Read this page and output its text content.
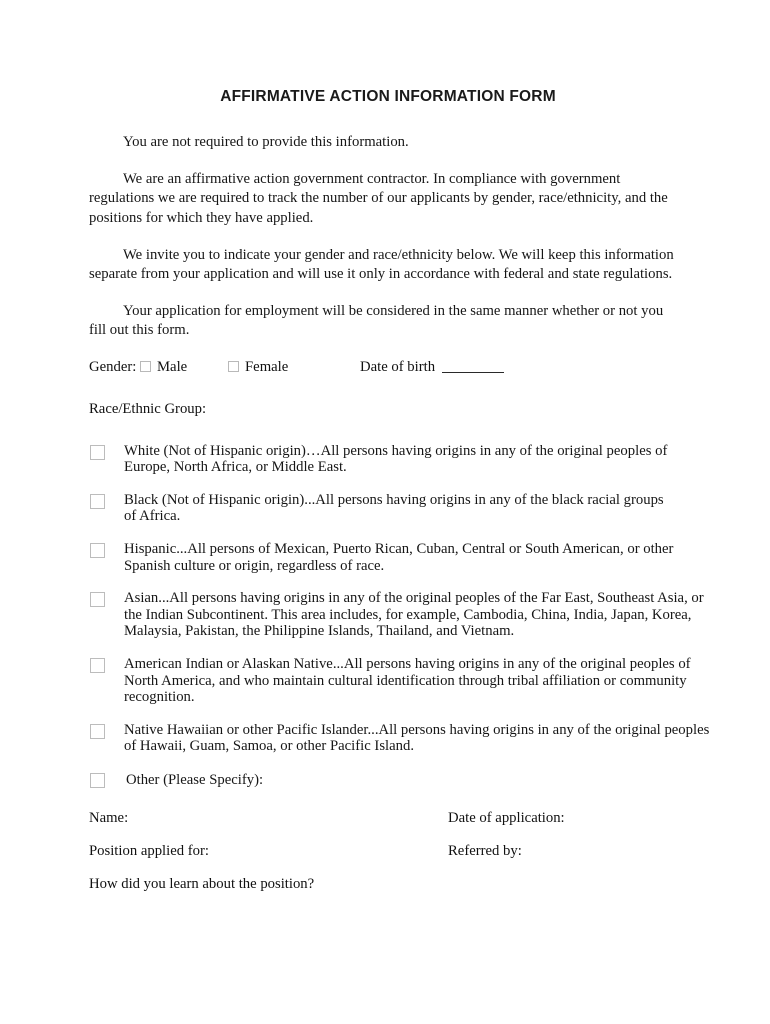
AFFIRMATIVE ACTION INFORMATION FORM

You are not required to provide this information.

We are an affirmative action government contractor. In compliance with government regulations we are required to track the number of our applicants by gender, race/ethnicity, and the positions for which they have applied.

We invite you to indicate your gender and race/ethnicity below. We will keep this information separate from your application and will use it only in accordance with federal and state regulations.

Your application for employment will be considered in the same manner whether or not you fill out this form.

Gender: Male	Female	Date of birth
Race/Ethnic Group:
White (Not of Hispanic origin)…All persons having origins in any of the original peoples of Europe, North Africa, or Middle East.
Black (Not of Hispanic origin)...All persons having origins in any of the black racial groups of Africa.
Hispanic...All persons of Mexican, Puerto Rican, Cuban, Central or South American, or other Spanish culture or origin, regardless of race.
Asian...All persons having origins in any of the original peoples of the Far East, Southeast Asia, or the Indian Subcontinent. This area includes, for example, Cambodia, China, India, Japan, Korea, Malaysia, Pakistan, the Philippine Islands, Thailand, and Vietnam.
American Indian or Alaskan Native...All persons having origins in any of the original peoples of North America, and who maintain cultural identification through tribal affiliation or community recognition.
Native Hawaiian or other Pacific Islander...All persons having origins in any of the original peoples of Hawaii, Guam, Samoa, or other Pacific Island.
Other (Please Specify):
Name:	Date of application:
Position applied for:	Referred by:
How did you learn about the position?
